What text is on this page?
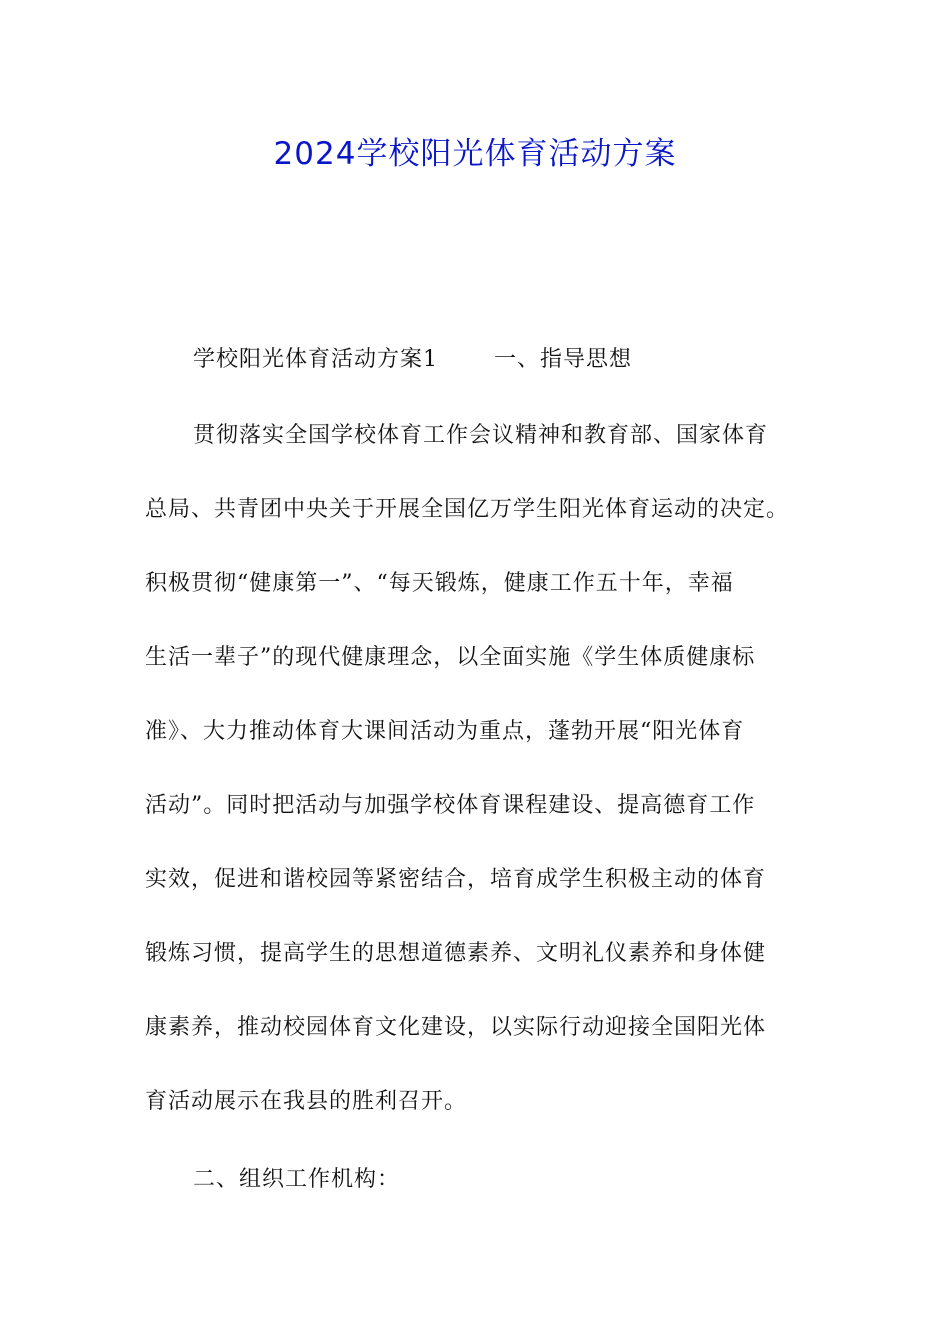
2024学校阳光体育活动方案
学校阳光体育活动方案1	一、指导思想
贯彻落实全国学校体育工作会议精神和教育部、国家体育
总局、共青团中央关于开展全国亿万学生阳光体育运动的决定。
积极贯彻“健康第一”、“每天锻炼，健康工作五十年，幸福
生活一辈子”的现代健康理念，以全面实施《学生体质健康标
准》、大力推动体育大课间活动为重点，蓬勃开展“阳光体育
活动”。同时把活动与加强学校体育课程建设、提高德育工作
实效，促进和谐校园等紧密结合，培育成学生积极主动的体育
锻炼习惯，提高学生的思想道德素养、文明礼仪素养和身体健
康素养，推动校园体育文化建设，以实际行动迎接全国阳光体
育活动展示在我县的胜利召开。
二、组织工作机构：
